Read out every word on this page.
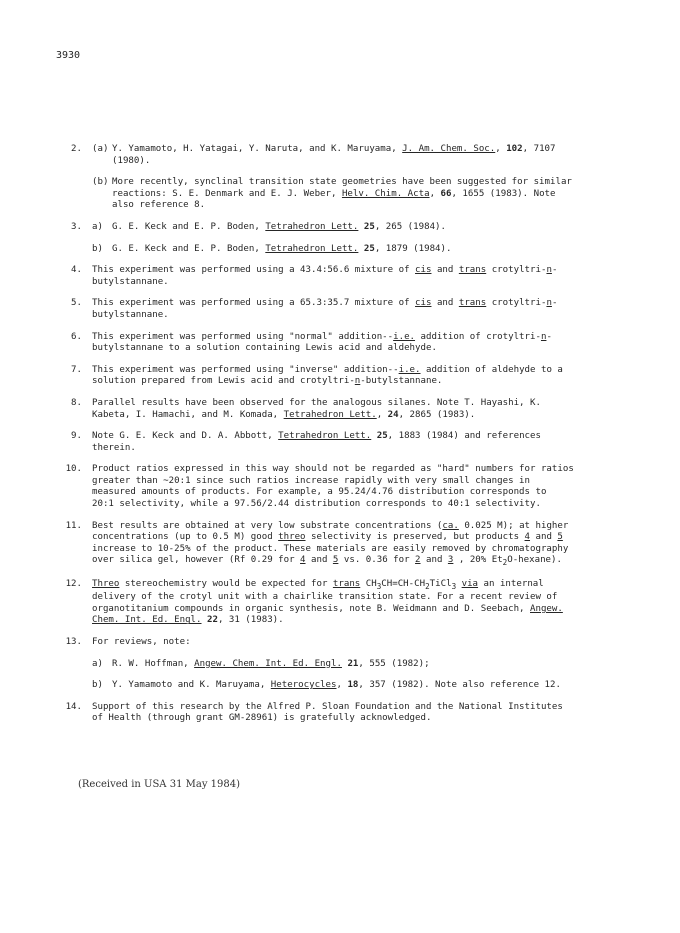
3930
2. (a) Y. Yamamoto, H. Yatagai, Y. Naruta, and K. Maruyama, J. Am. Chem. Soc., 102, 7107
(1980).
(b) More recently, synclinal transition state geometries have been suggested for similar
reactions: S. E. Denmark and E. J. Weber, Helv. Chim. Acta, 66, 1655 (1983). Note
also reference 8.
3. a) G. E. Keck and E. P. Boden, Tetrahedron Lett. 25, 265 (1984).
b) G. E. Keck and E. P. Boden, Tetrahedron Lett. 25, 1879 (1984).
4. This experiment was performed using a 43.4:56.6 mixture of cis and trans crotyltri-n-
butylstannane.
5. This experiment was performed using a 65.3:35.7 mixture of cis and trans crotyltri-n-
butylstannane.
6. This experiment was performed using "normal" addition--i.e. addition of crotyltri-n-
butylstannane to a solution containing Lewis acid and aldehyde.
7. This experiment was performed using "inverse" addition--i.e. addition of aldehyde to a
solution prepared from Lewis acid and crotyltri-n-butylstannane.
8. Parallel results have been observed for the analogous silanes. Note T. Hayashi, K.
Kabeta, I. Hamachi, and M. Komada, Tetrahedron Lett., 24, 2865 (1983).
9. Note G. E. Keck and D. A. Abbott, Tetrahedron Lett. 25, 1883 (1984) and references
therein.
10. Product ratios expressed in this way should not be regarded as "hard" numbers for ratios
greater than ~20:1 since such ratios increase rapidly with very small changes in
measured amounts of products. For example, a 95.24/4.76 distribution corresponds to
20:1 selectivity, while a 97.56/2.44 distribution corresponds to 40:1 selectivity.
11. Best results are obtained at very low substrate concentrations (ca. 0.025 M); at higher
concentrations (up to 0.5 M) good threo selectivity is preserved, but products 4 and 5
increase to 10-25% of the product. These materials are easily removed by chromatography
over silica gel, however (Rf 0.29 for 4 and 5 vs. 0.36 for 2 and 3 , 20% $Et_2O-hexane$).
12. Threo stereochemistry would be expected for trans $CH_3CH=CH-CH_2TiCl_3$ via an internal
delivery of the crotyl unit with a chairlike transition state. For a recent review of
organotitanium compounds in organic synthesis, note B. Weidmann and D. Seebach, Angew.
Chem. Int. Ed. Engl. 22, 31 (1983).
13. For reviews, note:
a) R. W. Hoffman, Angew. Chem. Int. Ed. Engl. 21, 555 (1982);
b) Y. Yamamoto and K. Maruyama, Heterocycles, 18, 357 (1982). Note also reference 12.
14. Support of this research by the Alfred P. Sloan Foundation and the National Institutes
of Health (through grant GM-28961) is gratefully acknowledged.
(Received in USA 31 May 1984)
